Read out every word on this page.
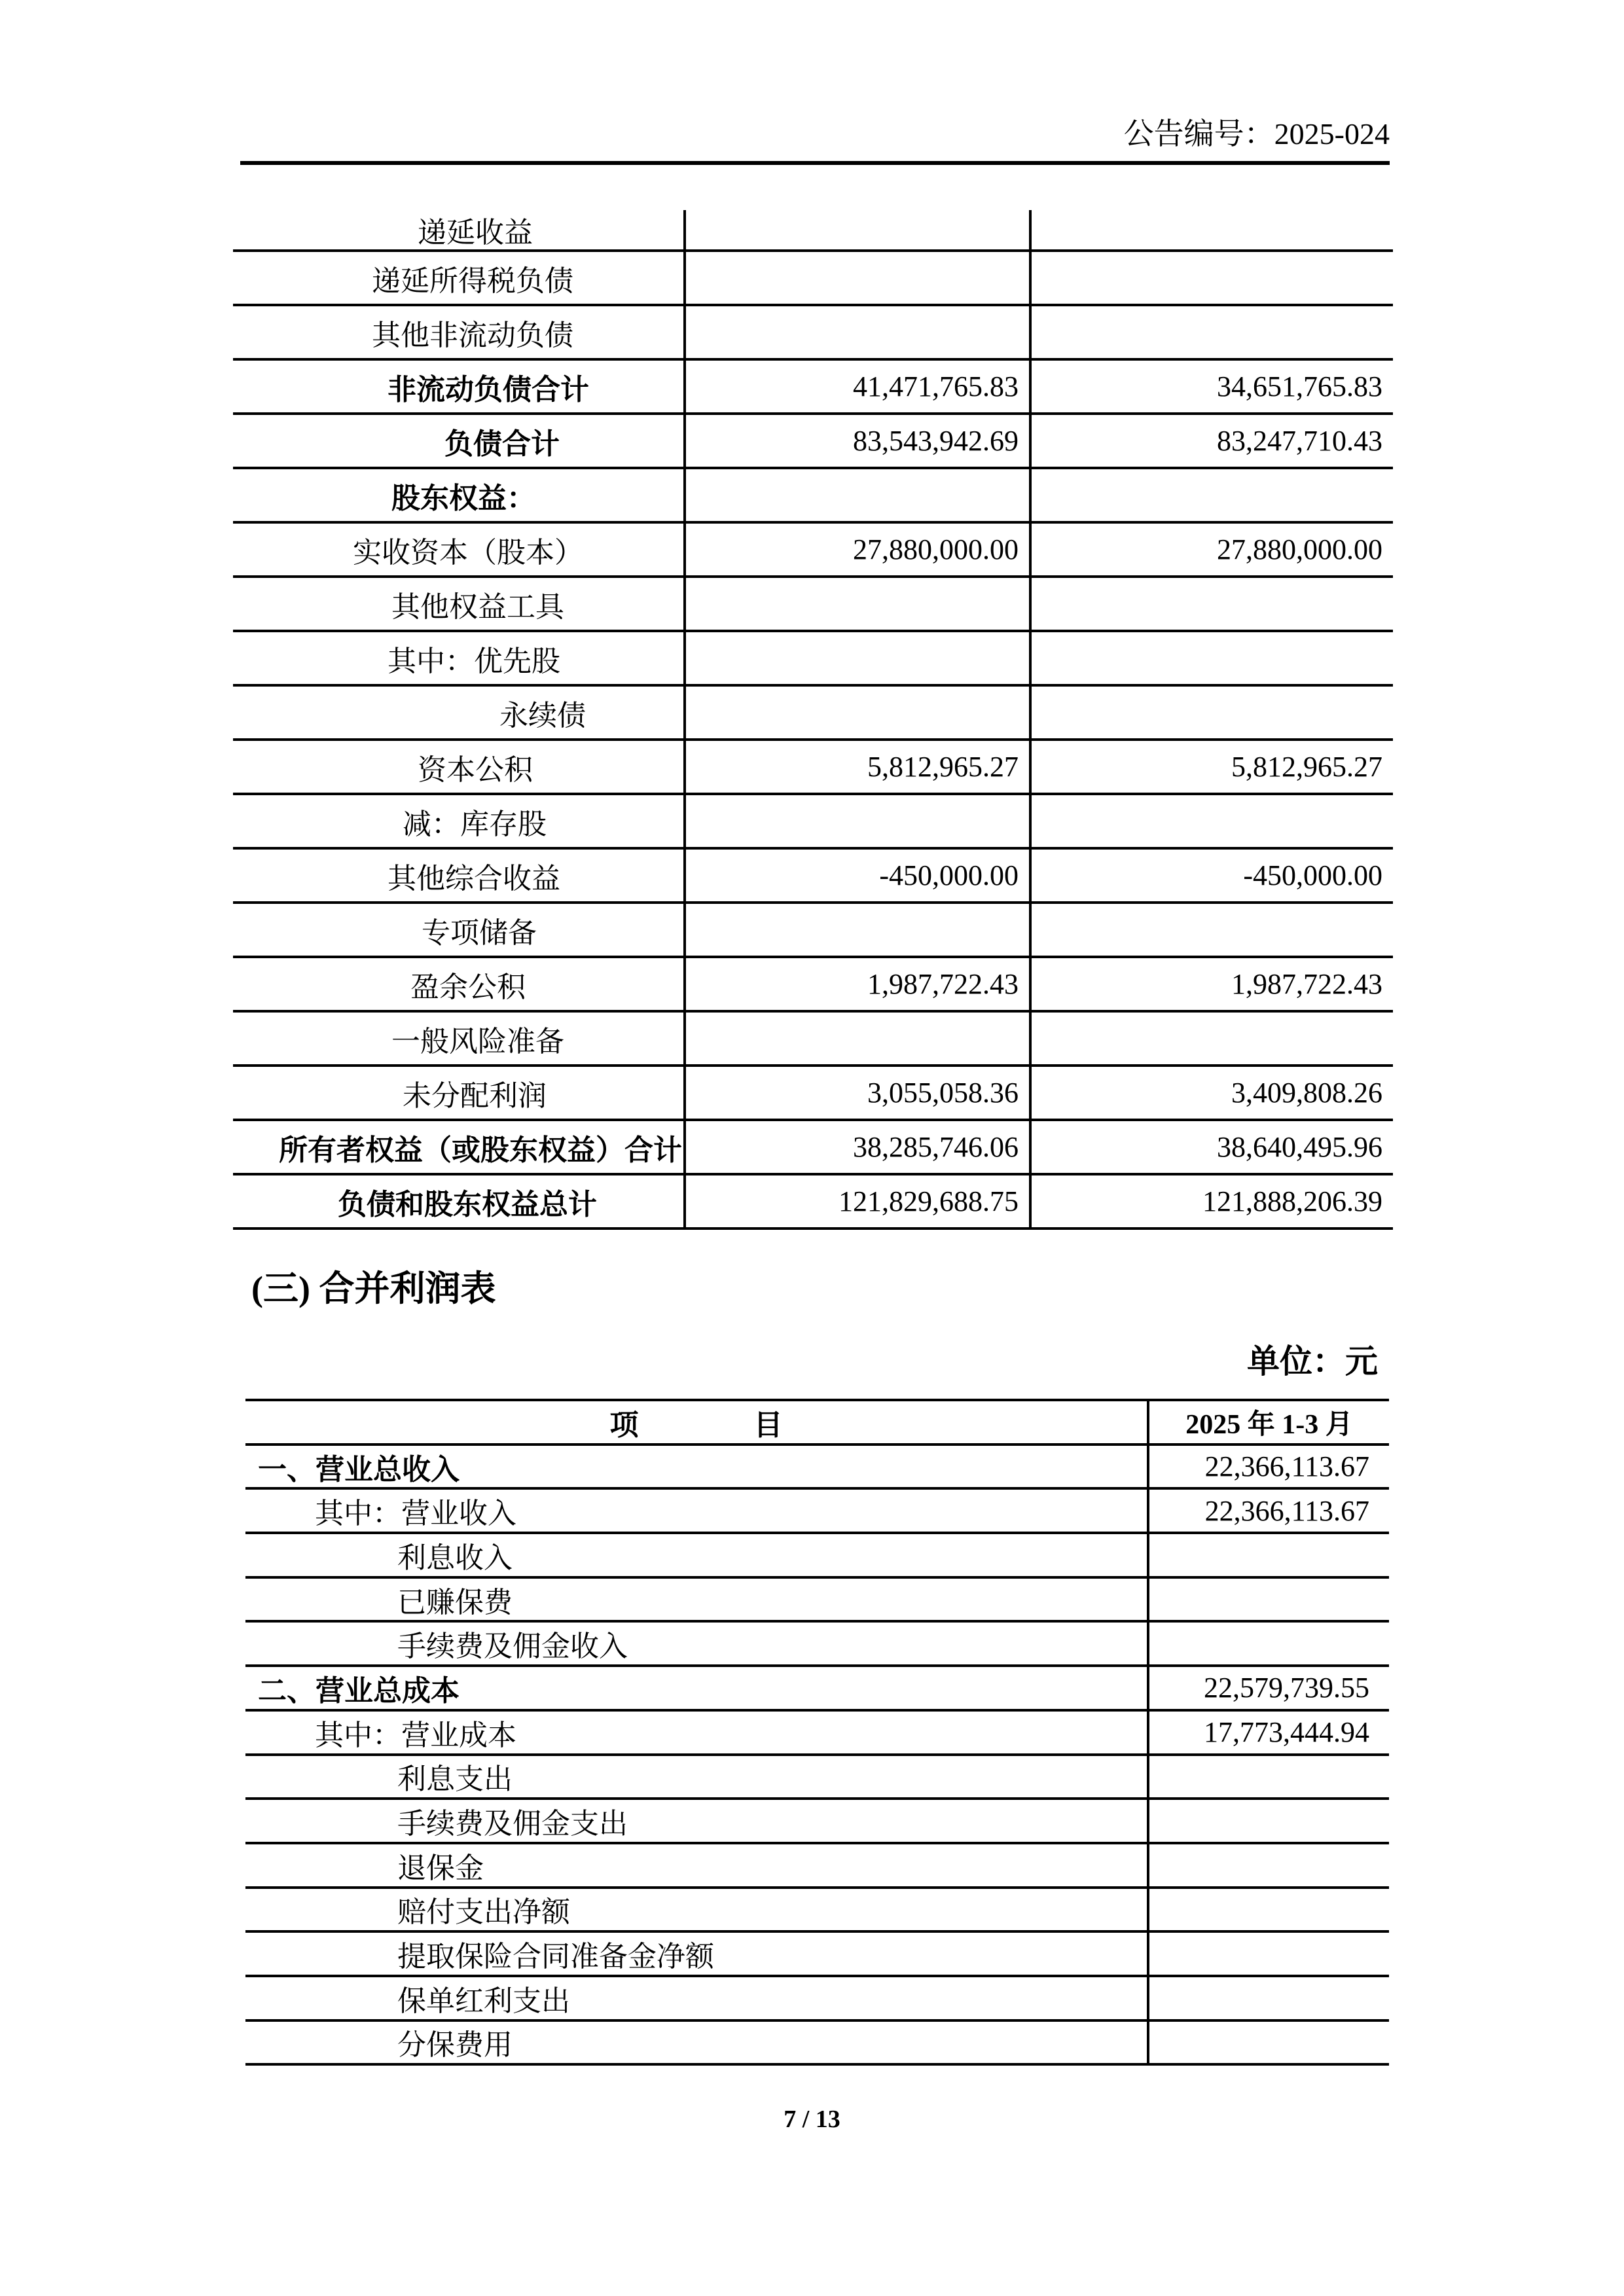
公告编号：2025-024
递延收益
递延所得税负债
其他非流动负债
非流动负债合计	41,471,765.83	34,651,765.83
负债合计	83,543,942.69	83,247,710.43
股东权益：
实收资本（股本）	27,880,000.00	27,880,000.00
其他权益工具
其中：优先股
永续债
资本公积	5,812,965.27	5,812,965.27
减：库存股
其他综合收益	-450,000.00	-450,000.00
专项储备
盈余公积	1,987,722.43	1,987,722.43
一般风险准备
未分配利润	3,055,058.36	3,409,808.26
所有者权益（或股东权益）合计	38,285,746.06	38,640,495.96
负债和股东权益总计	121,829,688.75	121,888,206.39
(三) 合并利润表
单位：元
项　　　　目	2025 年 1-3 月
一、营业总收入	22,366,113.67
其中：营业收入	22,366,113.67
利息收入
已赚保费
手续费及佣金收入
二、营业总成本	22,579,739.55
其中：营业成本	17,773,444.94
利息支出
手续费及佣金支出
退保金
赔付支出净额
提取保险合同准备金净额
保单红利支出
分保费用
7 / 13
